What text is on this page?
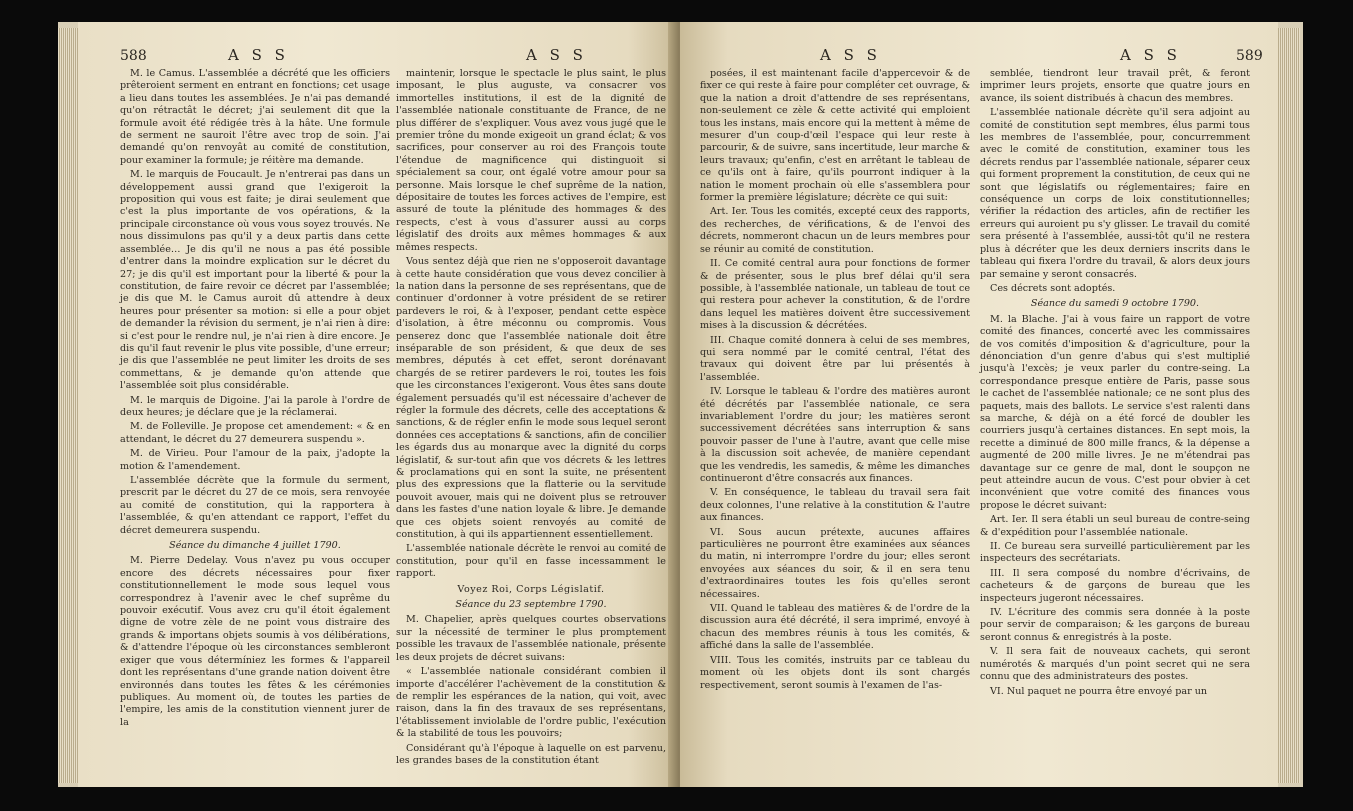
588	A S S	A S S

M. le Camus. L'assemblée a décrété que les officiers prêteroient serment en entrant en fonctions; cet usage a lieu dans toutes les assemblées. Je n'ai pas demandé qu'on rétractât le décret; j'ai seulement dit que la formule avoit été rédigée très à la hâte. Une formule de serment ne sauroit l'être avec trop de soin. J'ai demandé qu'on renvoyât au comité de constitution, pour examiner la formule; je réitère ma demande.

M. le marquis de Foucault. Je n'entrerai pas dans un développement aussi grand que l'exigeroit la proposition qui vous est faite; je dirai seulement que c'est la plus importante de vos opérations, & la principale circonstance où vous vous soyez trouvés. Ne nous dissimulons pas qu'il y a deux partis dans cette assemblée… Je dis qu'il ne nous a pas été possible d'entrer dans la moindre explication sur le décret du 27; je dis qu'il est important pour la liberté & pour la constitution, de faire revoir ce décret par l'assemblée; je dis que M. le Camus auroit dû attendre à deux heures pour présenter sa motion: si elle a pour objet de demander la révision du serment, je n'ai rien à dire: si c'est pour le rendre nul, je n'ai rien à dire encore. Je dis qu'il faut revenir le plus vite possible, d'une erreur; je dis que l'assemblée ne peut limiter les droits de ses commettans, & je demande qu'on attende que l'assemblée soit plus considérable.

M. le marquis de Digoine. J'ai la parole à l'ordre de deux heures; je déclare que je la réclamerai.

M. de Folleville. Je propose cet amendement: « & en attendant, le décret du 27 demeurera suspendu ».

M. de Virieu. Pour l'amour de la paix, j'adopte la motion & l'amendement.

L'assemblée décrète que la formule du serment, prescrit par le décret du 27 de ce mois, sera renvoyée au comité de constitution, qui la rapportera à l'assemblée, & qu'en attendant ce rapport, l'effet du décret demeurera suspendu.

Séance du dimanche 4 juillet 1790.

M. Pierre Dedelay. Vous n'avez pu vous occuper encore des décrets nécessaires pour fixer constitutionnellement le mode sous lequel vous correspondrez à l'avenir avec le chef suprême du pouvoir exécutif. Vous avez cru qu'il étoit également digne de votre zèle de ne point vous distraire des grands & importans objets soumis à vos délibérations, & d'attendre l'époque où les circonstances sembleront exiger que vous détermíniez les formes & l'appareil dont les représentans d'une grande nation doivent être environnés dans toutes les fêtes & les cérémonies publiques. Au moment où, de toutes les parties de l'empire, les amis de la constitution viennent jurer de la

maintenir, lorsque le spectacle le plus saint, le plus imposant, le plus auguste, va consacrer vos immortelles institutions, il est de la dignité de l'assemblée nationale constituante de France, de ne plus différer de s'expliquer. Vous avez vous jugé que le premier trône du monde exigeoit un grand éclat; & vos sacrifices, pour conserver au roi des François toute l'étendue de magnificence qui distinguoit si spécialement sa cour, ont égalé votre amour pour sa personne. Mais lorsque le chef suprême de la nation, dépositaire de toutes les forces actives de l'empire, est assuré de toute la plénitude des hommages & des respects, c'est à vous d'assurer aussi au corps législatif des droits aux mêmes hommages & aux mêmes respects.

Vous sentez déjà que rien ne s'opposeroit davantage à cette haute considération que vous devez concilier à la nation dans la personne de ses représentans, que de continuer d'ordonner à votre président de se retirer pardevers le roi, & à l'exposer, pendant cette espèce d'isolation, à être méconnu ou compromis. Vous penserez donc que l'assemblée nationale doit être inséparable de son président, & que deux de ses membres, députés à cet effet, seront dorénavant chargés de se retirer pardevers le roi, toutes les fois que les circonstances l'exigeront. Vous êtes sans doute également persuadés qu'il est nécessaire d'achever de régler la formule des décrets, celle des acceptations & sanctions, & de régler enfin le mode sous lequel seront données ces acceptations & sanctions, afin de concilier les égards dus au monarque avec la dignité du corps législatif, & sur-tout afin que vos décrets & les lettres & proclamations qui en sont la suite, ne présentent plus des expressions que la flatterie ou la servitude pouvoit avouer, mais qui ne doivent plus se retrouver dans les fastes d'une nation loyale & libre. Je demande que ces objets soient renvoyés au comité de constitution, à qui ils appartiennent essentiellement.

L'assemblée nationale décrète le renvoi au comité de constitution, pour qu'il en fasse incessamment le rapport.

Voyez Roi, Corps Législatif.

Séance du 23 septembre 1790.

M. Chapelier, après quelques courtes observations sur la nécessité de terminer le plus promptement possible les travaux de l'assemblée nationale, présente les deux projets de décret suivans:

« L'assemblée nationale considérant combien il importe d'accélérer l'achèvement de la constitution & de remplir les espérances de la nation, qui voit, avec raison, dans la fin des travaux de ses représentans, l'établissement inviolable de l'ordre public, l'exécution & la stabilité de tous les pouvoirs;

Considérant qu'à l'époque à laquelle on est parvenu, les grandes bases de la constitution étant

A S S	A S S	589

posées, il est maintenant facile d'appercevoir & de fixer ce qui reste à faire pour compléter cet ouvrage, & que la nation a droit d'attendre de ses représentans, non-seulement ce zèle & cette activité qui emploient tous les instans, mais encore qui la mettent à même de mesurer d'un coup-d'œil l'espace qui leur reste à parcourir, & de suivre, sans incertitude, leur marche & leurs travaux; qu'enfin, c'est en arrêtant le tableau de ce qu'ils ont à faire, qu'ils pourront indiquer à la nation le moment prochain où elle s'assemblera pour former la première législature; décrète ce qui suit:

Art. Ier. Tous les comités, excepté ceux des rapports, des recherches, de vérifications, & de l'envoi des décrets, nommeront chacun un de leurs membres pour se réunir au comité de constitution.

II. Ce comité central aura pour fonctions de former & de présenter, sous le plus bref délai qu'il sera possible, à l'assemblée nationale, un tableau de tout ce qui restera pour achever la constitution, & de l'ordre dans lequel les matières doivent être successivement mises à la discussion & décrétées.

III. Chaque comité donnera à celui de ses membres, qui sera nommé par le comité central, l'état des travaux qui doivent être par lui présentés à l'assemblée.

IV. Lorsque le tableau & l'ordre des matières auront été décrétés par l'assemblée nationale, ce sera invariablement l'ordre du jour; les matières seront successivement décrétées sans interruption & sans pouvoir passer de l'une à l'autre, avant que celle mise à la discussion soit achevée, de manière cependant que les vendredis, les samedis, & même les dimanches continueront d'être consacrés aux finances.

V. En conséquence, le tableau du travail sera fait deux colonnes, l'une relative à la constitution & l'autre aux finances.

VI. Sous aucun prétexte, aucunes affaires particulières ne pourront être examinées aux séances du matin, ni interrompre l'ordre du jour; elles seront envoyées aux séances du soir, & il en sera tenu d'extraordinaires toutes les fois qu'elles seront nécessaires.

VII. Quand le tableau des matières & de l'ordre de la discussion aura été décrété, il sera imprimé, envoyé à chacun des membres réunis à tous les comités, & affiché dans la salle de l'assemblée.

VIII. Tous les comités, instruits par ce tableau du moment où les objets dont ils sont chargés respectivement, seront soumis à l'examen de l'as-

semblée, tiendront leur travail prêt, & feront imprimer leurs projets, ensorte que quatre jours en avance, ils soient distribués à chacun des membres.

L'assemblée nationale décrète qu'il sera adjoint au comité de constitution sept membres, élus parmi tous les membres de l'assemblée, pour, concurremment avec le comité de constitution, examiner tous les décrets rendus par l'assemblée nationale, séparer ceux qui forment proprement la constitution, de ceux qui ne sont que législatifs ou réglementaires; faire en conséquence un corps de loix constitutionnelles; vérifier la rédaction des articles, afin de rectifier les erreurs qui auroient pu s'y glisser. Le travail du comité sera présenté à l'assemblée, aussi-tôt qu'il ne restera plus à décréter que les deux derniers inscrits dans le tableau qui fixera l'ordre du travail, & alors deux jours par semaine y seront consacrés.

Ces décrets sont adoptés.

Séance du samedi 9 octobre 1790.

M. la Blache. J'ai à vous faire un rapport de votre comité des finances, concerté avec les commissaires de vos comités d'imposition & d'agriculture, pour la dénonciation d'un genre d'abus qui s'est multiplié jusqu'à l'excès; je veux parler du contre-seing. La correspondance presque entière de Paris, passe sous le cachet de l'assemblée nationale; ce ne sont plus des paquets, mais des ballots. Le service s'est ralenti dans sa marche, & déjà on a été forcé de doubler les courriers jusqu'à certaines distances. En sept mois, la recette a diminué de 800 mille francs, & la dépense a augmenté de 200 mille livres. Je ne m'étendrai pas davantage sur ce genre de mal, dont le soupçon ne peut atteindre aucun de vous. C'est pour obvier à cet inconvénient que votre comité des finances vous propose le décret suivant:

Art. Ier. Il sera établi un seul bureau de contre-seing & d'expédition pour l'assemblée nationale.

II. Ce bureau sera surveillé particulièrement par les inspecteurs des secrétariats.

III. Il sera composé du nombre d'écrivains, de cacheteurs & de garçons de bureau que les inspecteurs jugeront nécessaires.

IV. L'écriture des commis sera donnée à la poste pour servir de comparaison; & les garçons de bureau seront connus & enregistrés à la poste.

V. Il sera fait de nouveaux cachets, qui seront numérotés & marqués d'un point secret qui ne sera connu que des administrateurs des postes.

VI. Nul paquet ne pourra être envoyé par un
